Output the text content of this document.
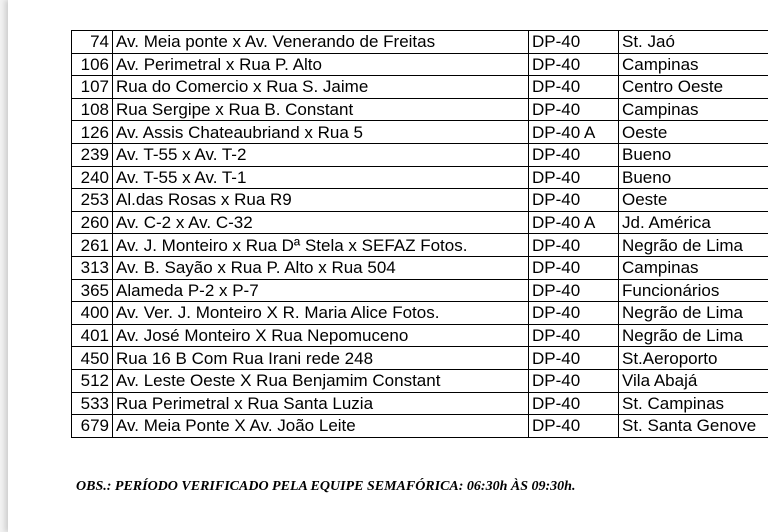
74	Av. Meia ponte x Av. Venerando de Freitas	DP-40	St. Jaó
106	Av. Perimetral x Rua P. Alto	DP-40	Campinas
107	Rua do Comercio x Rua S. Jaime	DP-40	Centro Oeste
108	Rua Sergipe x Rua B. Constant	DP-40	Campinas
126	Av. Assis Chateaubriand x Rua 5	DP-40 A	Oeste
239	Av. T-55 x Av. T-2	DP-40	Bueno
240	Av. T-55 x Av. T-1	DP-40	Bueno
253	Al.das Rosas x Rua R9	DP-40	Oeste
260	Av. C-2 x Av. C-32	DP-40 A	Jd. América
261	Av. J. Monteiro x Rua Dª Stela x SEFAZ Fotos.	DP-40	Negrão de Lima
313	Av. B. Sayão x Rua P. Alto x Rua 504	DP-40	Campinas
365	Alameda P-2 x P-7	DP-40	Funcionários
400	Av. Ver. J. Monteiro X R. Maria Alice Fotos.	DP-40	Negrão de Lima
401	Av. José Monteiro X Rua Nepomuceno	DP-40	Negrão de Lima
450	Rua 16 B Com Rua Irani rede 248	DP-40	St.Aeroporto
512	Av. Leste Oeste X Rua Benjamim Constant	DP-40	Vila Abajá
533	Rua Perimetral x Rua Santa Luzia	DP-40	St. Campinas
679	Av. Meia Ponte X Av. João Leite	DP-40	St. Santa Genove
OBS.: PERÍODO VERIFICADO PELA EQUIPE SEMAFÓRICA: 06:30h ÀS 09:30h.
